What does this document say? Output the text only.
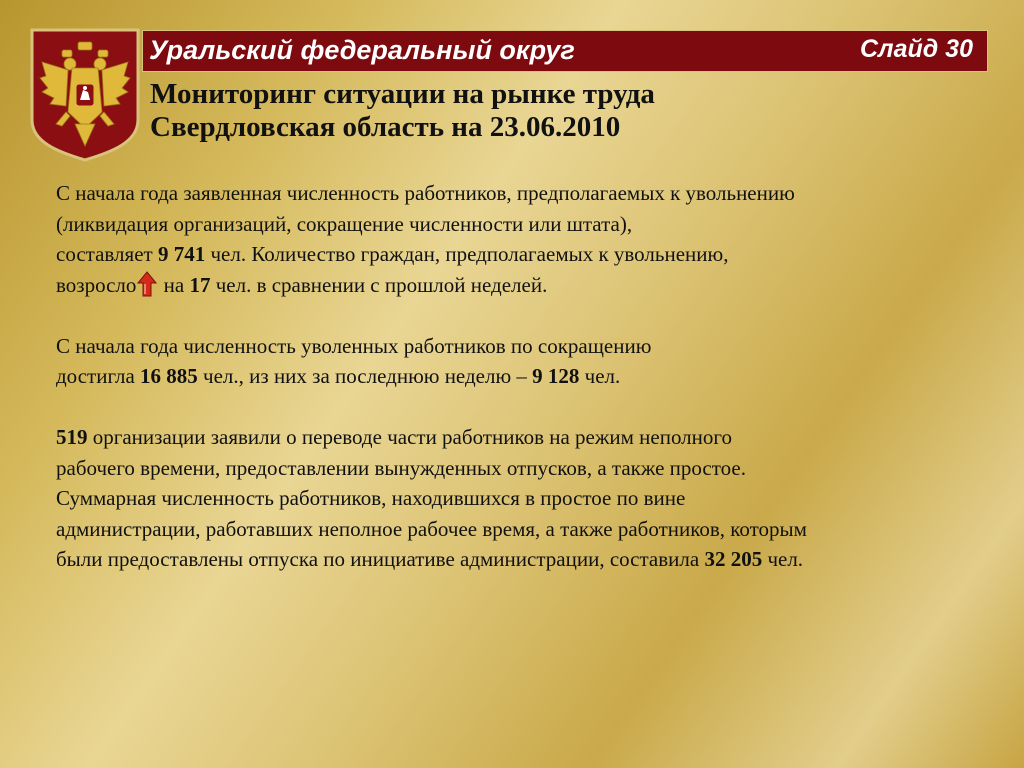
Уральский федеральный округ	Слайд 30
Мониторинг ситуации на рынке труда
Свердловская область на 23.06.2010

С начала года заявленная численность работников, предполагаемых к увольнению
(ликвидация организаций, сокращение численности или штата),
составляет 9 741 чел. Количество граждан, предполагаемых к увольнению,
возросло на 17 чел. в сравнении с прошлой неделей.

С начала года численность уволенных работников по сокращению
достигла 16 885 чел., из них за последнюю неделю – 9 128 чел.

519 организации заявили о переводе части работников на режим неполного
рабочего времени, предоставлении вынужденных отпусков, а также простое.
Суммарная численность работников, находившихся в простое по вине
администрации, работавших неполное рабочее время, а также работников, которым
были предоставлены отпуска по инициативе администрации, составила 32 205 чел.
